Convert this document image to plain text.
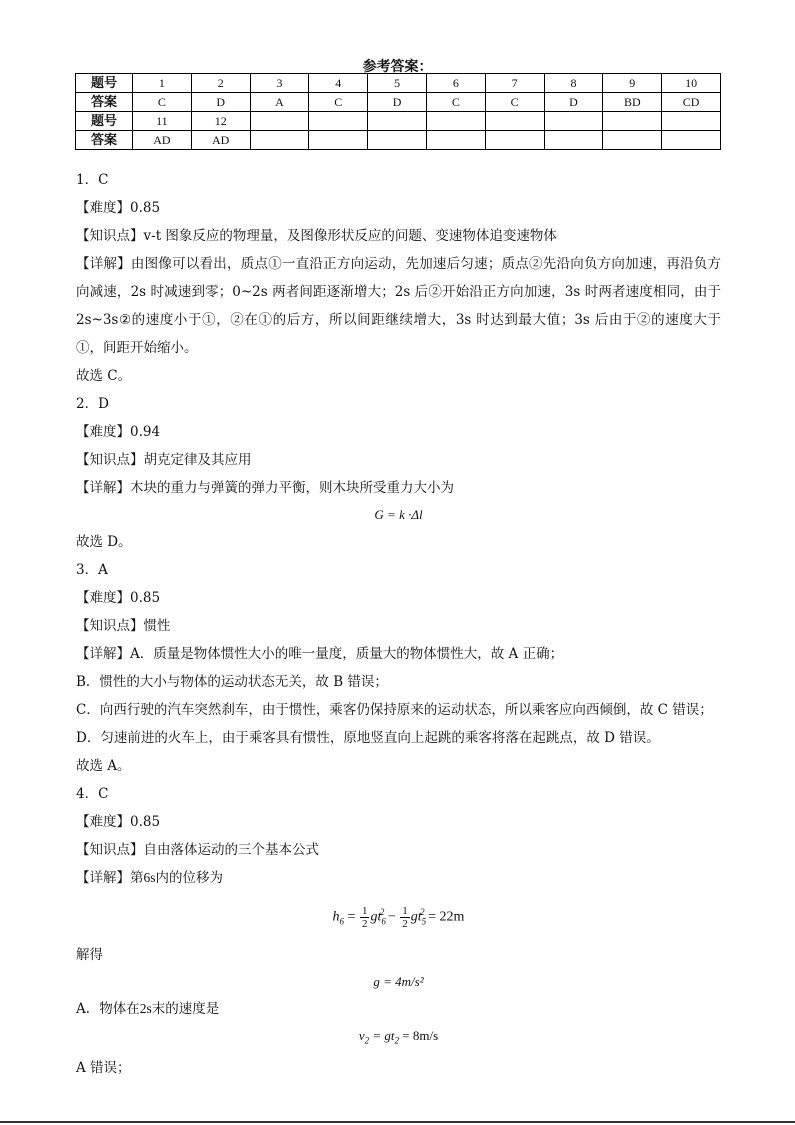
参考答案：
题号	1	2	3	4	5	6	7	8	9	10
答案	C	D	A	C	D	C	C	D	BD	CD
题号	11	12								
答案	AD	AD								
1．C
【难度】0.85
【知识点】v-t 图象反应的物理量，及图像形状反应的问题、变速物体追变速物体
【详解】由图像可以看出，质点①一直沿正方向运动，先加速后匀速；质点②先沿向负方向加速，再沿负方向减速，2s 时减速到零；0~2s 两者间距逐渐增大；2s 后②开始沿正方向加速，3s 时两者速度相同，由于 2s~3s②的速度小于①，②在①的后方，所以间距继续增大，3s 时达到最大值；3s 后由于②的速度大于①，间距开始缩小。
故选 C。
2．D
【难度】0.94
【知识点】胡克定律及其应用
【详解】木块的重力与弹簧的弹力平衡，则木块所受重力大小为
G = k ·Δl
故选 D。
3．A
【难度】0.85
【知识点】惯性
【详解】A．质量是物体惯性大小的唯一量度，质量大的物体惯性大，故 A 正确；
B．惯性的大小与物体的运动状态无关，故 B 错误；
C．向西行驶的汽车突然刹车，由于惯性，乘客仍保持原来的运动状态，所以乘客应向西倾倒，故 C 错误；
D．匀速前进的火车上，由于乘客具有惯性，原地竖直向上起跳的乘客将落在起跳点，故 D 错误。
故选 A。
4．C
【难度】0.85
【知识点】自由落体运动的三个基本公式
【详解】第6s内的位移为
$h_6 = \frac{1}{2} gt_6^2 - \frac{1}{2} gt_5^2 = 22m$
解得
g = 4m/s²
A．物体在2s末的速度是
$v_2 = gt_2 = 8m/s$
A 错误；
